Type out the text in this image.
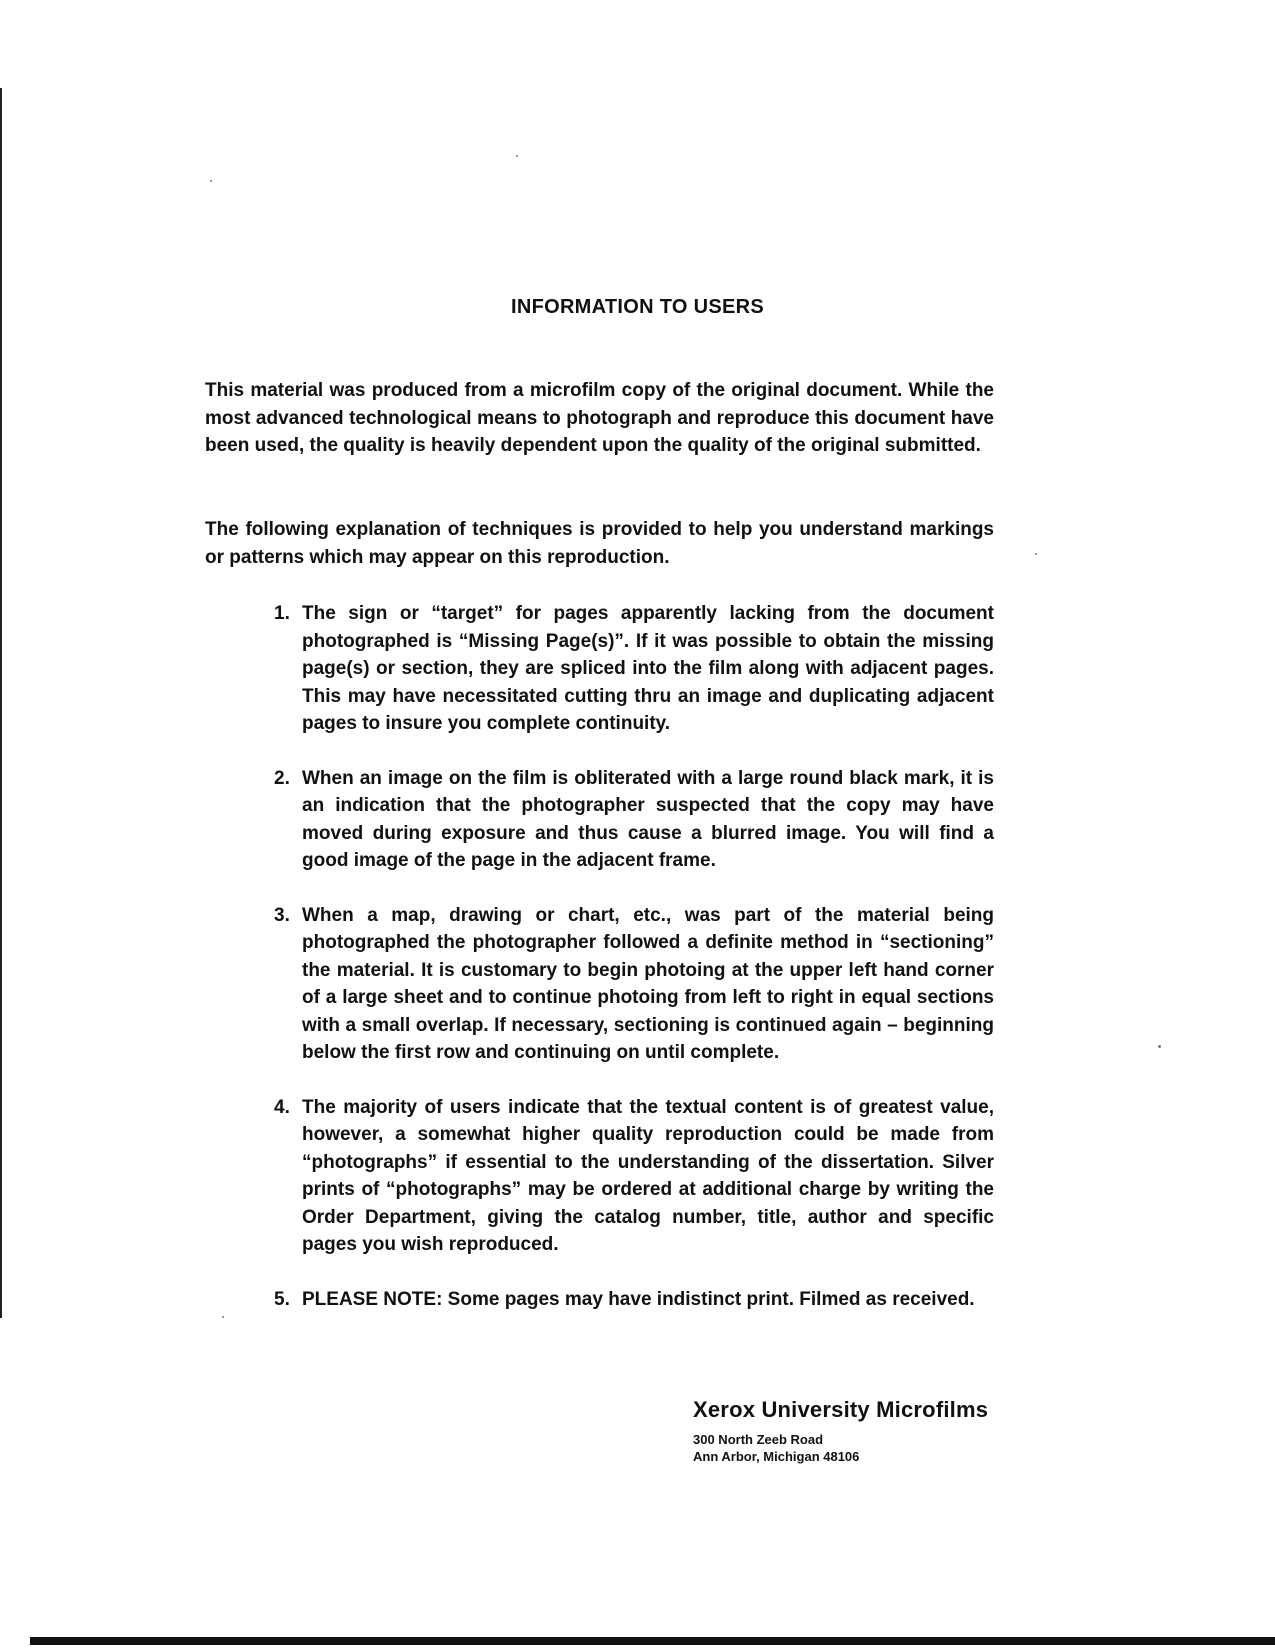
INFORMATION TO USERS

This material was produced from a microfilm copy of the original document. While the most advanced technological means to photograph and reproduce this document have been used, the quality is heavily dependent upon the quality of the original submitted.

The following explanation of techniques is provided to help you understand markings or patterns which may appear on this reproduction.

1. The sign or “target” for pages apparently lacking from the document photographed is “Missing Page(s)”. If it was possible to obtain the missing page(s) or section, they are spliced into the film along with adjacent pages. This may have necessitated cutting thru an image and duplicating adjacent pages to insure you complete continuity.
2. When an image on the film is obliterated with a large round black mark, it is an indication that the photographer suspected that the copy may have moved during exposure and thus cause a blurred image. You will find a good image of the page in the adjacent frame.
3. When a map, drawing or chart, etc., was part of the material being photographed the photographer followed a definite method in “sectioning” the material. It is customary to begin photoing at the upper left hand corner of a large sheet and to continue photoing from left to right in equal sections with a small overlap. If necessary, sectioning is continued again – beginning below the first row and continuing on until complete.
4. The majority of users indicate that the textual content is of greatest value, however, a somewhat higher quality reproduction could be made from “photographs” if essential to the understanding of the dissertation. Silver prints of “photographs” may be ordered at additional charge by writing the Order Department, giving the catalog number, title, author and specific pages you wish reproduced.
5. PLEASE NOTE: Some pages may have indistinct print. Filmed as received.

Xerox University Microfilms

300 North Zeeb Road

Ann Arbor, Michigan 48106
